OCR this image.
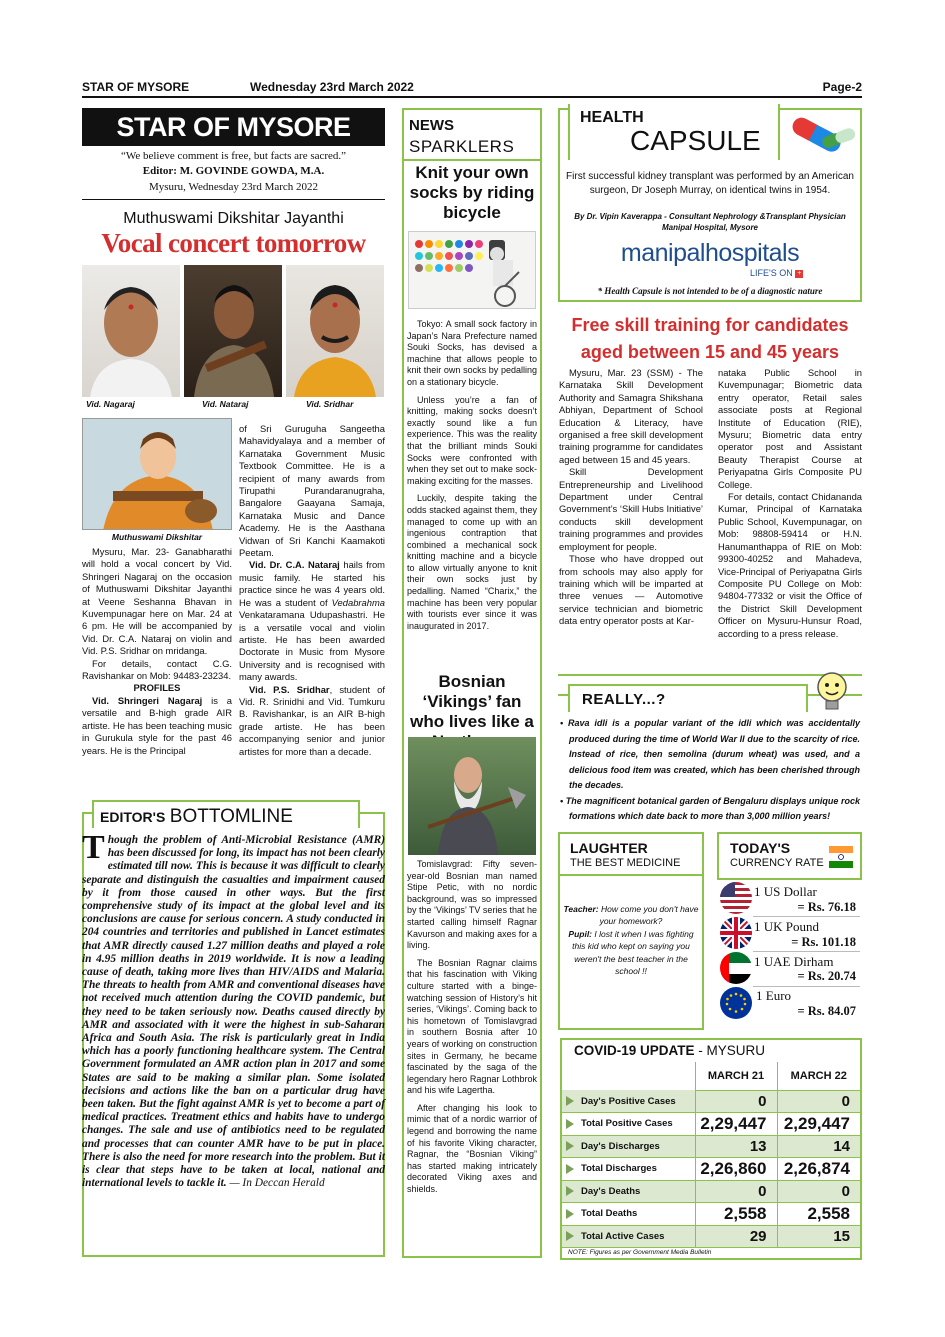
STAR OF MYSORE	Wednesday 23rd March 2022	Page-2
STAR OF MYSORE
“We believe comment is free, but facts are sacred.”
Editor: M. GOVINDE GOWDA, M.A.
Mysuru, Wednesday 23rd March 2022
Muthuswami Dikshitar Jayanthi
Vocal concert tomorrow
Vid. Nagaraj	Vid. Nataraj	Vid. Sridhar
Muthuswami Dikshitar

Mysuru, Mar. 23- Ganabharathi will hold a vocal concert by Vid. Shringeri Nagaraj on the occasion of Muthuswami Dikshitar Jayanthi at Veene Seshanna Bhavan in Kuvempunagar here on Mar. 24 at 6 pm. He will be accompanied by Vid. Dr. C.A. Nataraj on violin and Vid. P.S. Sridhar on mridanga.

For details, contact C.G. Ravishankar on Mob: 94483-23234.

PROFILES

Vid. Shringeri Nagaraj is a versatile and B-high grade AIR artiste. He has been teaching music in Gurukula style for the past 46 years. He is the Principal

of Sri Guruguha Sangeetha Mahavidyalaya and a member of Karnataka Government Music Textbook Committee. He is a recipient of many awards from Tirupathi Purandaranugraha, Bangalore Gaayana Samaja, Karnataka Music and Dance Academy. He is the Aasthana Vidwan of Sri Kanchi Kaamakoti Peetam.

Vid. Dr. C.A. Nataraj hails from music family. He started his practice since he was 4 years old. He was a student of Vedabrahma Venkataramana Udupashastri. He is a versatile vocal and violin artiste. He has been awarded Doctorate in Music from Mysore University and is recognised with many awards.

Vid. P.S. Sridhar, student of Vid. R. Srinidhi and Vid. Tumkuru B. Ravishankar, is an AIR B-high grade artiste. He has been accompanying senior and junior artistes for more than a decade.

EDITOR'S BOTTOMLINE
Though the problem of Anti-Microbial Resistance (AMR) has been discussed for long, its impact has not been clearly estimated till now. This is because it was difficult to clearly separate and distinguish the casualties and impairment caused by it from those caused in other ways. But the first comprehensive study of its impact at the global level and its conclusions are cause for serious concern. A study conducted in 204 countries and territories and published in Lancet estimates that AMR directly caused 1.27 million deaths and played a role in 4.95 million deaths in 2019 worldwide. It is now a leading cause of death, taking more lives than HIV/AIDS and Malaria. The threats to health from AMR and conventional diseases have not received much attention during the COVID pandemic, but they need to be taken seriously now. Deaths caused directly by AMR and associated with it were the highest in sub-Saharan Africa and South Asia. The risk is particularly great in India which has a poorly functioning healthcare system. The Central Government formulated an AMR action plan in 2017 and some States are said to be making a similar plan. Some isolated decisions and actions like the ban on a particular drug have been taken. But the fight against AMR is yet to become a part of medical practices. Treatment ethics and habits have to undergo changes. The sale and use of antibiotics need to be regulated and processes that can counter AMR have to be put in place. There is also the need for more research into the problem. But it is clear that steps have to be taken at local, national and international levels to tackle it. — In Deccan Herald
NEWS
SPARKLERS
Knit your own socks by riding bicycle

Tokyo: A small sock factory in Japan’s Nara Prefecture named Souki Socks, has devised a machine that allows people to knit their own socks by pedalling on a stationary bicycle.

Unless you’re a fan of knitting, making socks doesn’t exactly sound like a fun experience. This was the reality that the brilliant minds Souki Socks were confronted with when they set out to make sock-making exciting for the masses.

Luckily, despite taking the odds stacked against them, they managed to come up with an ingenious contraption that combined a mechanical sock knitting machine and a bicycle to allow virtually anyone to knit their own socks just by pedalling. Named “Charix,” the machine has been very popular with tourists ever since it was inaugurated in 2017.

Bosnian ‘Vikings’ fan who lives like a

Tomislavgrad: Fifty seven-year-old Bosnian man named Stipe Petic, with no nordic background, was so impressed by the ‘Vikings’ TV series that he started calling himself Ragnar Kavurson and making axes for a living.

The Bosnian Ragnar claims that his fascination with Viking culture started with a binge-watching session of History’s hit series, ‘Vikings’. Coming back to his hometown of Tomislavgrad in southern Bosnia after 10 years of working on construction sites in Germany, he became fascinated by the saga of the legendary hero Ragnar Lothbrok and his wife Lagertha.

After changing his look to mimic that of a nordic warrior of legend and borrowing the name of his favorite Viking character, Ragnar, the “Bosnian Viking” has started making intricately decorated Viking axes and shields.

HEALTH
CAPSULE
First successful kidney transplant was performed by an American surgeon, Dr Joseph Murray, on identical twins in 1954.
By Dr. Vipin Kaverappa - Consultant Nephrology &Transplant Physician
Manipal Hospital, Mysore
manipalhospitals
LIFE'S ON +
* Health Capsule is not intended to be of a diagnostic nature
Free skill training for candidates aged between 15 and 45 years

Mysuru, Mar. 23 (SSM) - The Karnataka Skill Development Authority and Samagra Shikshana Abhiyan, Department of School Education & Literacy, have organised a free skill development training programme for candidates aged between 15 and 45 years.

Skill Development Entrepreneurship and Livelihood Department under Central Government’s ‘Skill Hubs Initiative’ conducts skill development training programmes and provides employment for people.

Those who have dropped out from schools may also apply for training which will be imparted at three venues — Automotive service technician and biometric data entry operator posts at Kar-

nataka Public School in Kuvempunagar; Biometric data entry operator, Retail sales associate posts at Regional Institute of Education (RIE), Mysuru; Biometric data entry operator post and Assistant Beauty Therapist Course at Periyapatna Girls Composite PU College.

For details, contact Chidananda Kumar, Principal of Karnataka Public School, Kuvempunagar, on Mob: 98808-59414 or H.N. Hanumanthappa of RIE on Mob: 99300-40252 and Mahadeva, Vice-Principal of Periyapatna Girls Composite PU College on Mob: 94804-77332 or visit the Office of the District Skill Development Officer on Mysuru-Hunsur Road, according to a press release.

REALLY...?
• Rava idli is a popular variant of the idli which was accidentally produced during the time of World War II due to the scarcity of rice. Instead of rice, then semolina (durum wheat) was used, and a delicious food item was created, which has been cherished through the decades.
• The magnificent botanical garden of Bengaluru displays unique rock formations which date back to more than 3,000 million years!
LAUGHTER
THE BEST MEDICINE
Teacher: How come you don't have your homework?
Pupil: I lost it when I was fighting this kid who kept on saying you weren't the best teacher in the school !!
TODAY'S
CURRENCY RATE
1 US Dollar
= Rs. 76.18
1 UK Pound
= Rs. 101.18
1 UAE Dirham
= Rs. 20.74
1 Euro
= Rs. 84.07
COVID-19 UPDATE - MYSURU
	MARCH 21	MARCH 22
Day's Positive Cases	0	0
Total Positive Cases	2,29,447	2,29,447
Day's Discharges	13	14
Total Discharges	2,26,860	2,26,874
Day's Deaths	0	0
Total Deaths	2,558	2,558
Total Active Cases	29	15
NOTE: Figures as per Government Media Bulletin
